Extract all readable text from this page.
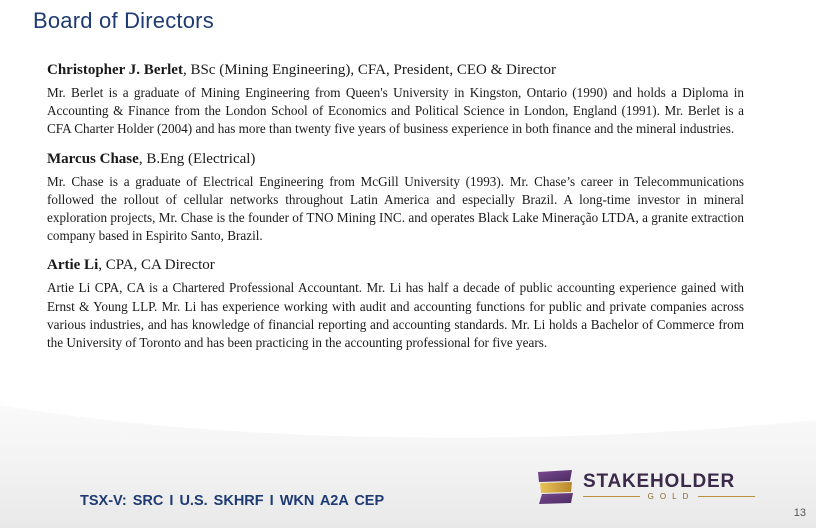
Board of Directors

Christopher J. Berlet, BSc (Mining Engineering), CFA, President, CEO & Director

Mr. Berlet is a graduate of Mining Engineering from Queen's University in Kingston, Ontario (1990) and holds a Diploma in Accounting & Finance from the London School of Economics and Political Science in London, England (1991). Mr. Berlet is a CFA Charter Holder (2004) and has more than twenty five years of business experience in both finance and the mineral industries.

Marcus Chase, B.Eng (Electrical)

Mr. Chase is a graduate of Electrical Engineering from McGill University (1993). Mr. Chase’s career in Telecommunications followed the rollout of cellular networks throughout Latin America and especially Brazil. A long-time investor in mineral exploration projects, Mr. Chase is the founder of TNO Mining INC. and operates Black Lake Mineração LTDA, a granite extraction company based in Espirito Santo, Brazil.

Artie Li, CPA, CA Director

Artie Li CPA, CA is a Chartered Professional Accountant. Mr. Li has half a decade of public accounting experience gained with Ernst & Young LLP. Mr. Li has experience working with audit and accounting functions for public and private companies across various industries, and has knowledge of financial reporting and accounting standards. Mr. Li holds a Bachelor of Commerce from the University of Toronto and has been practicing in the accounting professional for five years.

TSX-V: SRC I U.S. SKHRF I WKN A2A CEP
STAKEHOLDER
GOLD
13
